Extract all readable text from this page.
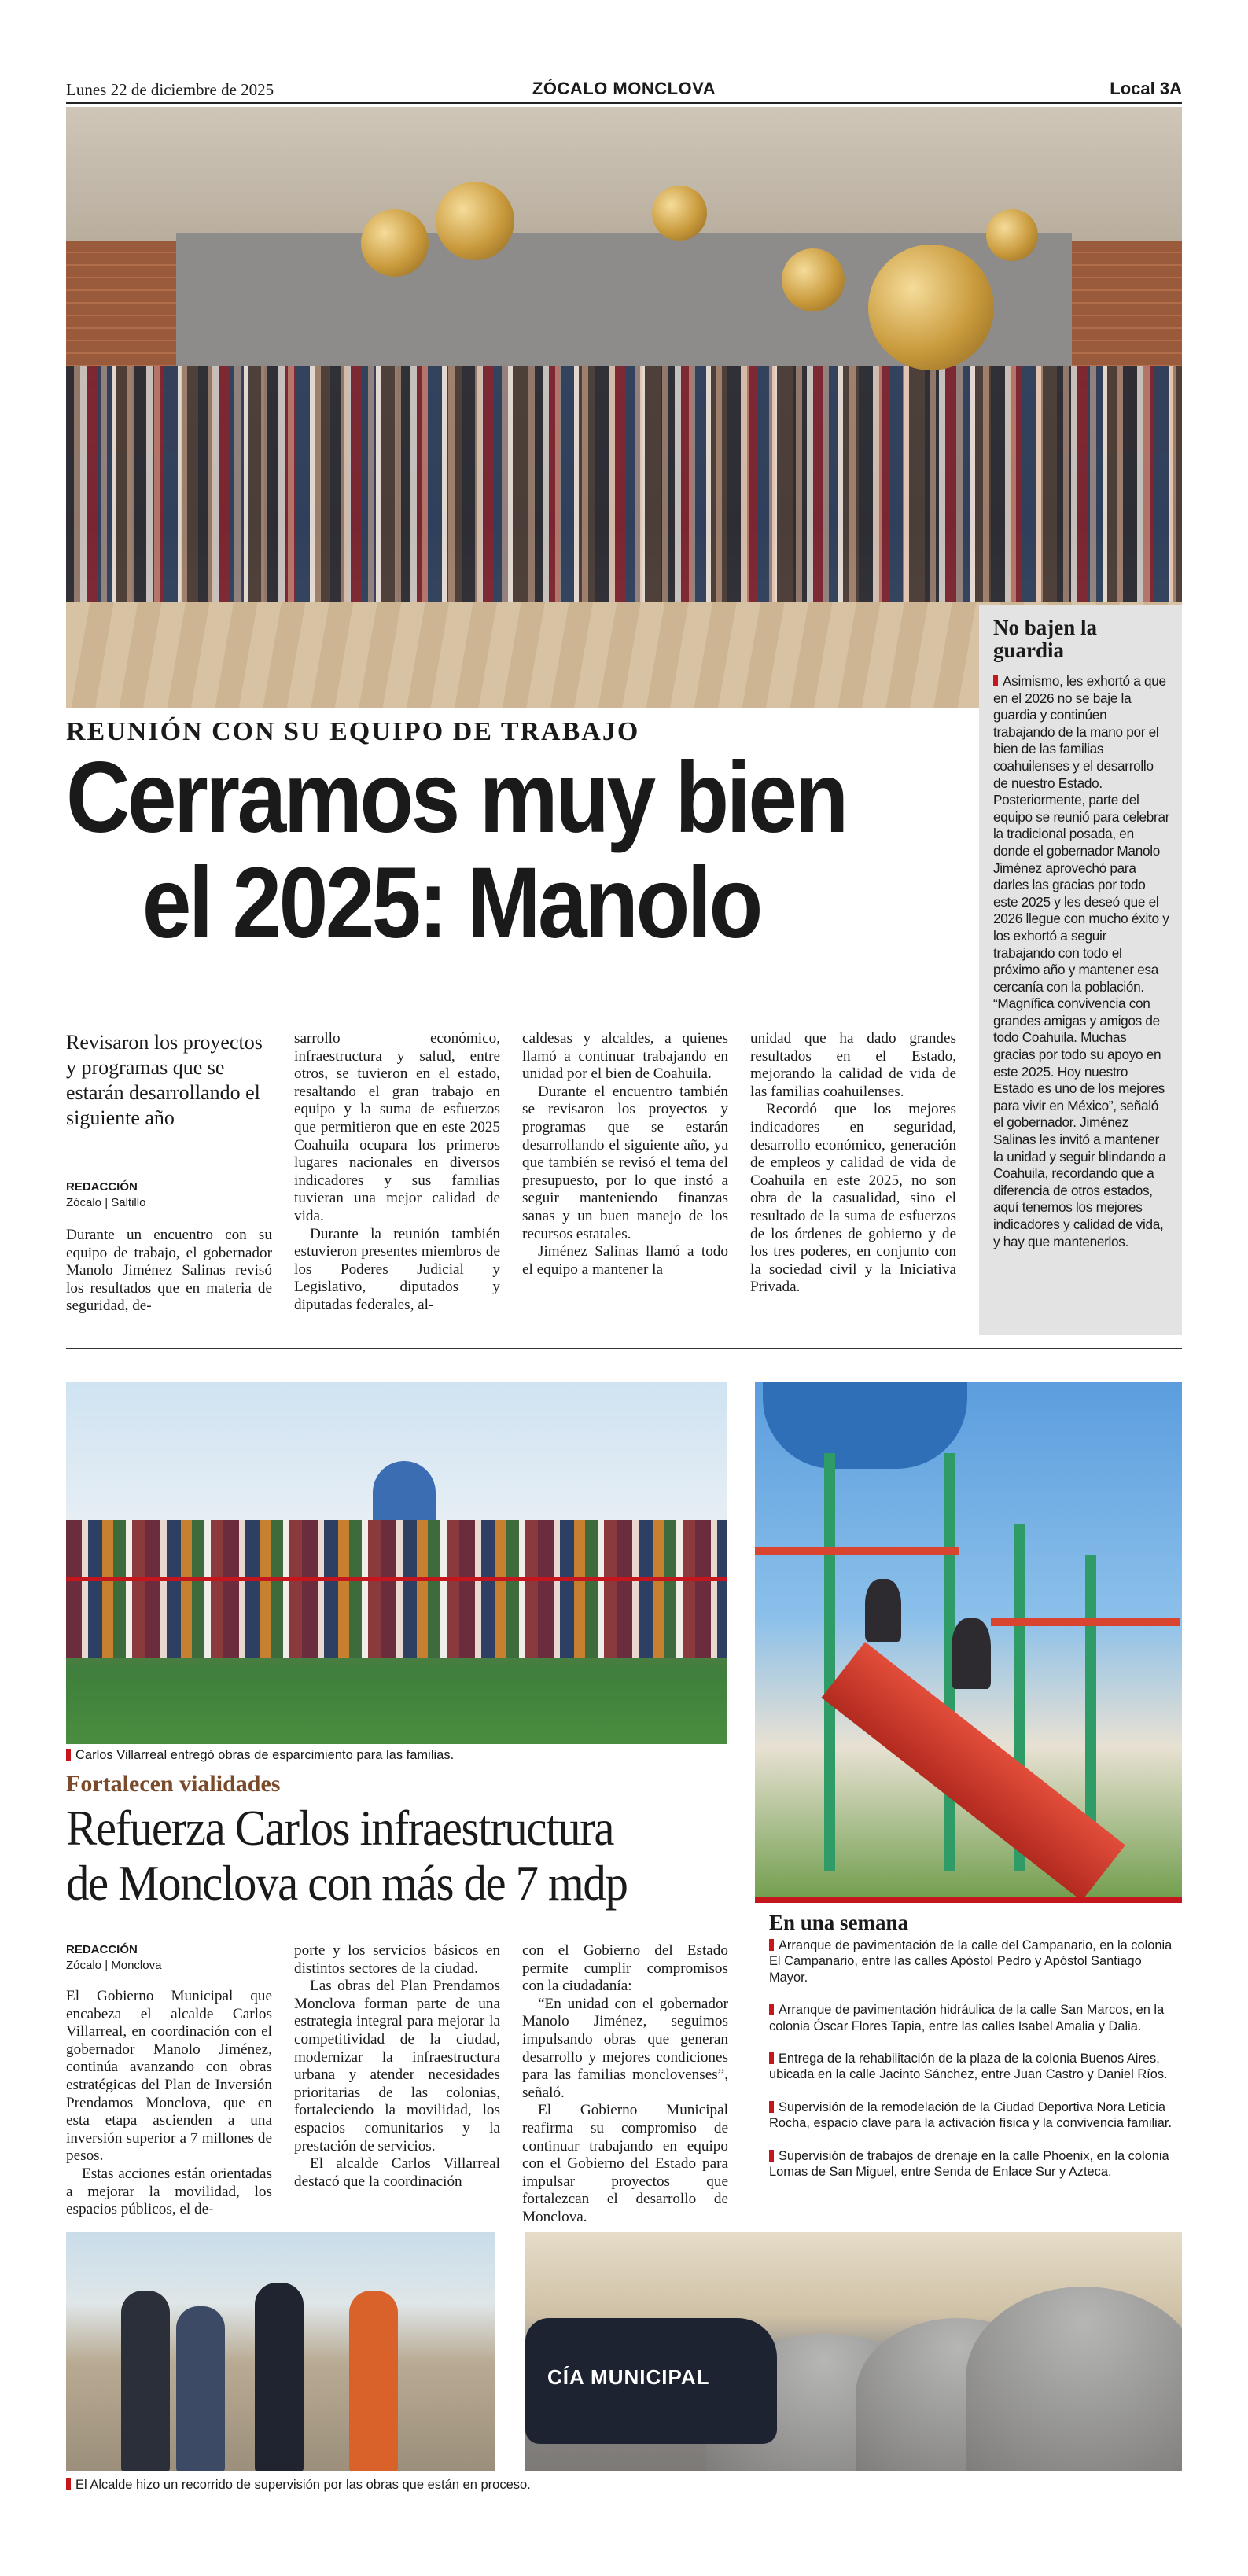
Lunes 22 de diciembre de 2025	ZÓCALO MONCLOVA	Local 3A
No bajen la guardia

Asimismo, les exhortó a que en el 2026 no se baje la guardia y continúen trabajando de la mano por el bien de las familias coahuilenses y el desarrollo de nuestro Estado. Posteriormente, parte del equipo se reunió para celebrar la tradicional posada, en donde el gobernador Manolo Jiménez aprovechó para darles las gracias por todo este 2025 y les deseó que el 2026 llegue con mucho éxito y los exhortó a seguir trabajando con todo el próximo año y mantener esa cercanía con la población. “Magnífica convivencia con grandes amigas y amigos de todo Coahuila. Muchas gracias por todo su apoyo en este 2025. Hoy nuestro Estado es uno de los mejores para vivir en México”, señaló el gobernador. Jiménez Salinas les invitó a mantener la unidad y seguir blindando a Coahuila, recordando que a diferencia de otros estados, aquí tenemos los mejores indicadores y calidad de vida, y hay que mantenerlos.

REUNIÓN CON SU EQUIPO DE TRABAJO
Cerramos muy bien
el 2025: Manolo
Revisaron los proyectos y programas que se estarán desarrollando el siguiente año
REDACCIÓN
Zócalo | Saltillo

Durante un encuentro con su equipo de trabajo, el gobernador Manolo Jiménez Salinas revisó los resultados que en materia de seguridad, de-

sarrollo económico, infraestructura y salud, entre otros, se tuvieron en el estado, resaltando el gran trabajo en equipo y la suma de esfuerzos que permitieron que en este 2025 Coahuila ocupara los primeros lugares nacionales en diversos indicadores y sus familias tuvieran una mejor calidad de vida.

Durante la reunión también estuvieron presentes miembros de los Poderes Judicial y Legislativo, diputados y diputadas federales, al-

caldesas y alcaldes, a quienes llamó a continuar trabajando en unidad por el bien de Coahuila.

Durante el encuentro también se revisaron los proyectos y programas que se estarán desarrollando el siguiente año, ya que también se revisó el tema del presupuesto, por lo que instó a seguir manteniendo finanzas sanas y un buen manejo de los recursos estatales.

Jiménez Salinas llamó a todo el equipo a mantener la

unidad que ha dado grandes resultados en el Estado, mejorando la calidad de vida de las familias coahuilenses.

Recordó que los mejores indicadores en seguridad, desarrollo económico, generación de empleos y calidad de vida de Coahuila en este 2025, no son obra de la casualidad, sino el resultado de la suma de esfuerzos de los órdenes de gobierno y de los tres poderes, en conjunto con la sociedad civil y la Iniciativa Privada.

Carlos Villarreal entregó obras de esparcimiento para las familias.
Fortalecen vialidades
Refuerza Carlos infraestructura
de Monclova con más de 7 mdp
REDACCIÓN
Zócalo | Monclova

El Gobierno Municipal que encabeza el alcalde Carlos Villarreal, en coordinación con el gobernador Manolo Jiménez, continúa avanzando con obras estratégicas del Plan de Inversión Prendamos Monclova, que en esta etapa ascienden a una inversión superior a 7 millones de pesos.

Estas acciones están orientadas a mejorar la movilidad, los espacios públicos, el de-

porte y los servicios básicos en distintos sectores de la ciudad.

Las obras del Plan Prendamos Monclova forman parte de una estrategia integral para mejorar la competitividad de la ciudad, modernizar la infraestructura urbana y atender necesidades prioritarias de las colonias, fortaleciendo la movilidad, los espacios comunitarios y la prestación de servicios.

El alcalde Carlos Villarreal destacó que la coordinación

con el Gobierno del Estado permite cumplir compromisos con la ciudadanía:

“En unidad con el gobernador Manolo Jiménez, seguimos impulsando obras que generan desarrollo y mejores condiciones para las familias monclovenses”, señaló.

El Gobierno Municipal reafirma su compromiso de continuar trabajando en equipo con el Gobierno del Estado para impulsar proyectos que fortalezcan el desarrollo de Monclova.

En una semana
Arranque de pavimentación de la calle del Campanario, en la colonia El Campanario, entre las calles Apóstol Pedro y Apóstol Santiago Mayor.
Arranque de pavimentación hidráulica de la calle San Marcos, en la colonia Óscar Flores Tapia, entre las calles Isabel Amalia y Dalia.
Entrega de la rehabilitación de la plaza de la colonia Buenos Aires, ubicada en la calle Jacinto Sánchez, entre Juan Castro y Daniel Ríos.
Supervisión de la remodelación de la Ciudad Deportiva Nora Leticia Rocha, espacio clave para la activación física y la convivencia familiar.
Supervisión de trabajos de drenaje en la calle Phoenix, en la colonia Lomas de San Miguel, entre Senda de Enlace Sur y Azteca.
CÍA MUNICIPAL
El Alcalde hizo un recorrido de supervisión por las obras que están en proceso.
